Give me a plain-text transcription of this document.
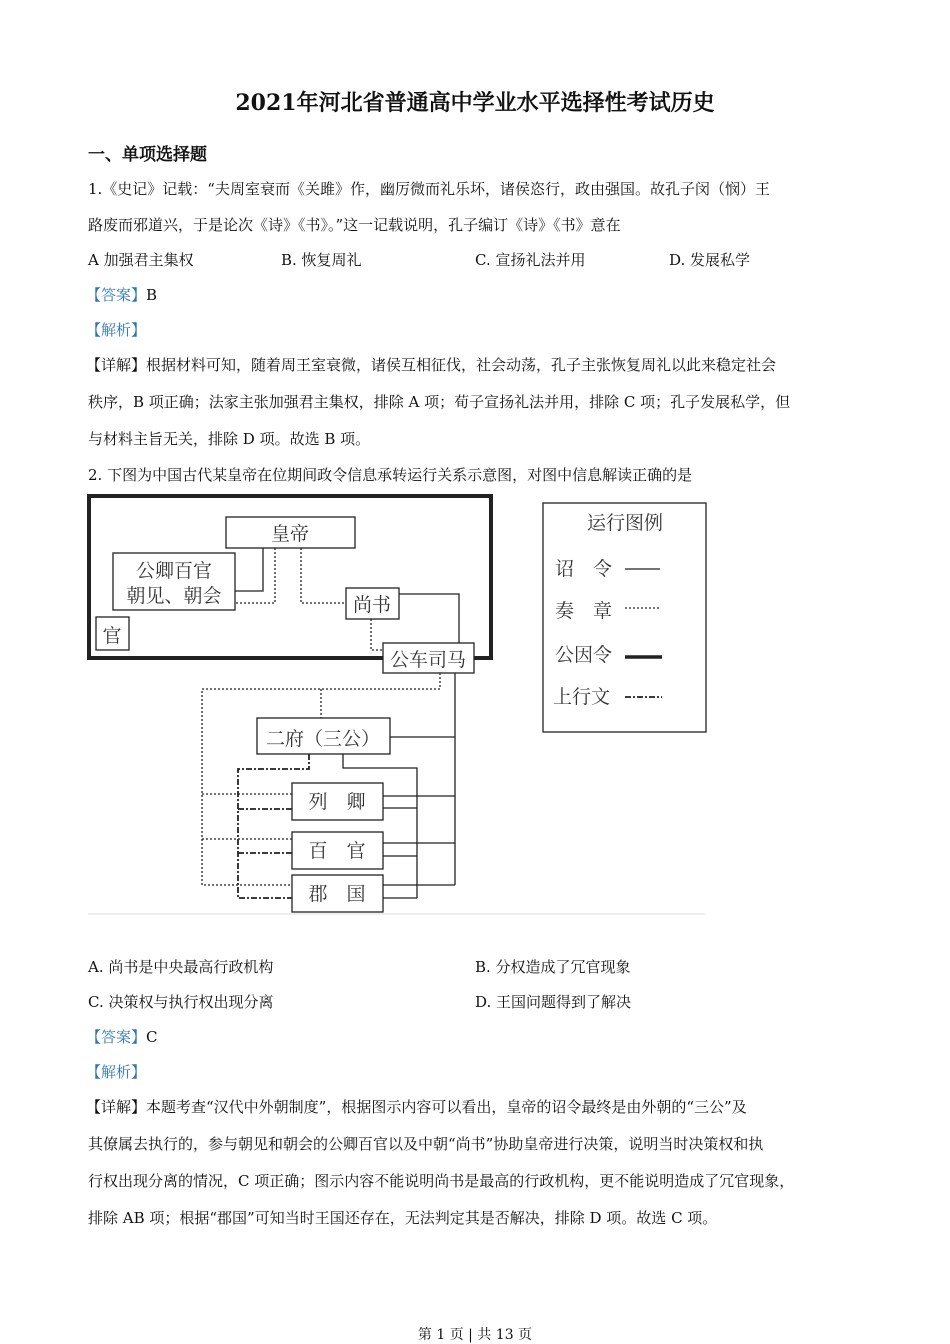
2021年河北省普通高中学业水平选择性考试历史
一、单项选择题
1.《史记》记载：“夫周室衰而《关雎》作，幽厉微而礼乐坏，诸侯恣行，政由强国。故孔子闵（悯）王
路废而邪道兴，于是论次《诗》《书》。”这一记载说明，孔子编订《诗》《书》意在
A 加强君主集权	B. 恢复周礼	C. 宣扬礼法并用	D. 发展私学
【答案】B
【解析】
【详解】根据材料可知，随着周王室衰微，诸侯互相征伐，社会动荡，孔子主张恢复周礼以此来稳定社会
秩序，B 项正确；法家主张加强君主集权，排除 A 项；荀子宣扬礼法并用，排除 C 项；孔子发展私学，但
与材料主旨无关，排除 D 项。故选 B 项。
2. 下图为中国古代某皇帝在位期间政令信息承转运行关系示意图，对图中信息解读正确的是
皇帝
公卿百官
朝见、朝会
官
尚书
公车司马
二府（三公）
列　卿
百　官
郡　国
运行图例
诏　令
奏　章
公因令
上行文
A. 尚书是中央最高行政机构	B. 分权造成了冗官现象
C. 决策权与执行权出现分离	D. 王国问题得到了解决
【答案】C
【解析】
【详解】本题考查“汉代中外朝制度”，根据图示内容可以看出，皇帝的诏令最终是由外朝的“三公”及
其僚属去执行的，参与朝见和朝会的公卿百官以及中朝“尚书”协助皇帝进行决策，说明当时决策权和执
行权出现分离的情况，C 项正确；图示内容不能说明尚书是最高的行政机构，更不能说明造成了冗官现象，
排除 AB 项；根据“郡国”可知当时王国还存在，无法判定其是否解决，排除 D 项。故选 C 项。
第 1 页 | 共 13 页
